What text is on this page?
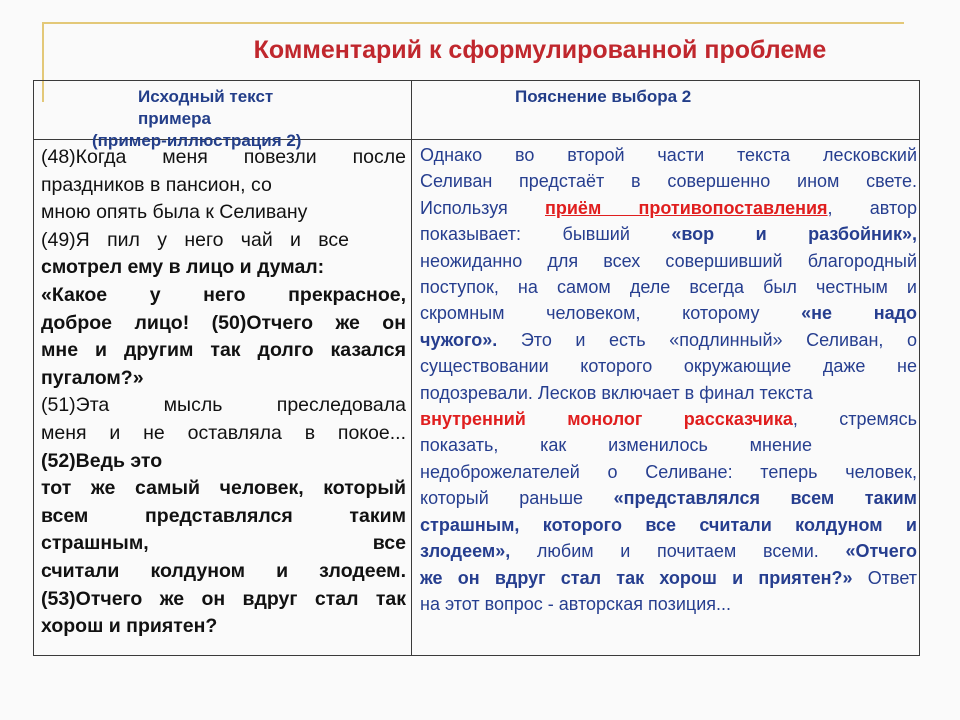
Комментарий к сформулированной проблеме
Исходный текст
примера
(пример-иллюстрация 2)
Пояснение выбора 2
(48)Когда меня повезли после
праздников в пансион, со
мною опять была к Селивану
(49)Я пил у него чай и все
смотрел ему в лицо и думал:
«Какое у него прекрасное,
доброе лицо! (50)Отчего же он
мне и другим так долго казался
пугалом?»
(51)Эта мысль преследовала
меня и не оставляла в покое...
(52)Ведь это
тот же самый человек, который
всем представлялся таким
страшным, все
считали колдуном и злодеем.
(53)Отчего же он вдруг стал так
хорош и приятен?
Однако во второй части текста лесковский
Селиван предстаёт в совершенно ином свете.
Используя приём противопоставления, автор
показывает: бывший «вор и разбойник»,
неожиданно для всех совершивший благородный
поступок, на самом деле всегда был честным и
скромным человеком, которому «не надо
чужого». Это и есть «подлинный» Селиван, о
существовании которого окружающие даже не
подозревали. Лесков включает в финал текста
внутренний монолог рассказчика, стремясь
показать, как изменилось мнение
недоброжелателей о Селиване: теперь человек,
который раньше «представлялся всем таким
страшным, которого все считали колдуном и
злодеем», любим и почитаем всеми. «Отчего
же он вдруг стал так хорош и приятен?» Ответ
на этот вопрос - авторская позиция...
